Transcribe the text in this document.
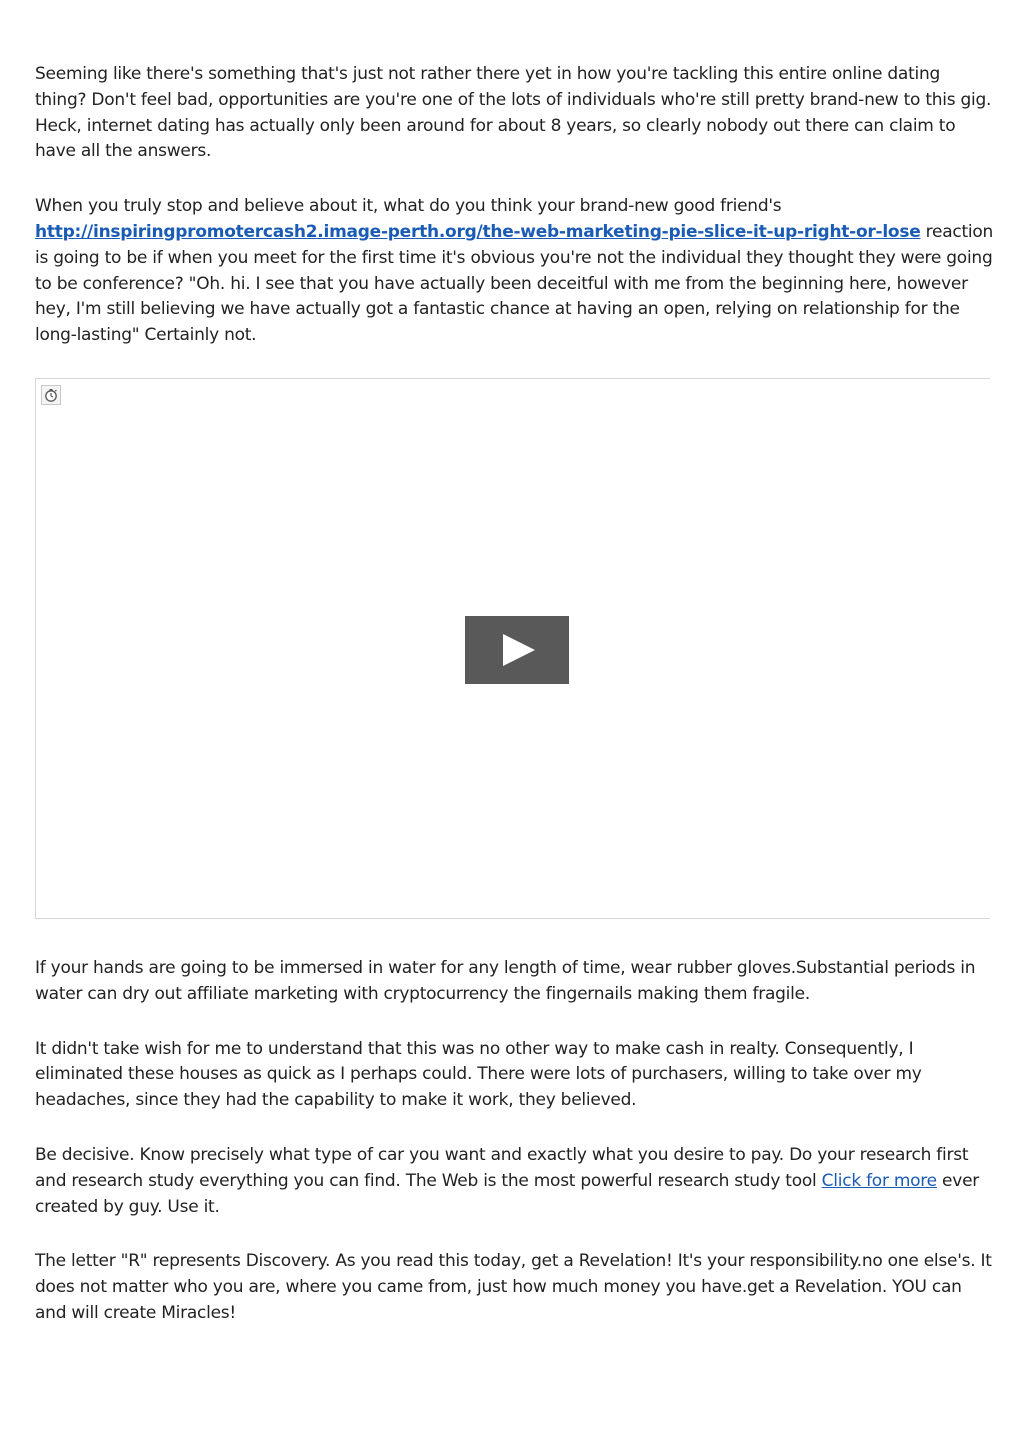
Seeming like there's something that's just not rather there yet in how you're tackling this entire online dating thing? Don't feel bad, opportunities are you're one of the lots of individuals who're still pretty brand-new to this gig. Heck, internet dating has actually only been around for about 8 years, so clearly nobody out there can claim to have all the answers.

When you truly stop and believe about it, what do you think your brand-new good friend's http://inspiringpromotercash2.image-perth.org/the-web-marketing-pie-slice-it-up-right-or-lose reaction is going to be if when you meet for the first time it's obvious you're not the individual they thought they were going to be conference? "Oh. hi. I see that you have actually been deceitful with me from the beginning here, however hey, I'm still believing we have actually got a fantastic chance at having an open, relying on relationship for the long-lasting" Certainly not.

If your hands are going to be immersed in water for any length of time, wear rubber gloves.Substantial periods in water can dry out affiliate marketing with cryptocurrency the fingernails making them fragile.

It didn't take wish for me to understand that this was no other way to make cash in realty. Consequently, I eliminated these houses as quick as I perhaps could. There were lots of purchasers, willing to take over my headaches, since they had the capability to make it work, they believed.

Be decisive. Know precisely what type of car you want and exactly what you desire to pay. Do your research first and research study everything you can find. The Web is the most powerful research study tool Click for more ever created by guy. Use it.

The letter "R" represents Discovery. As you read this today, get a Revelation! It's your responsibility.no one else's. It does not matter who you are, where you came from, just how much money you have.get a Revelation. YOU can and will create Miracles!
